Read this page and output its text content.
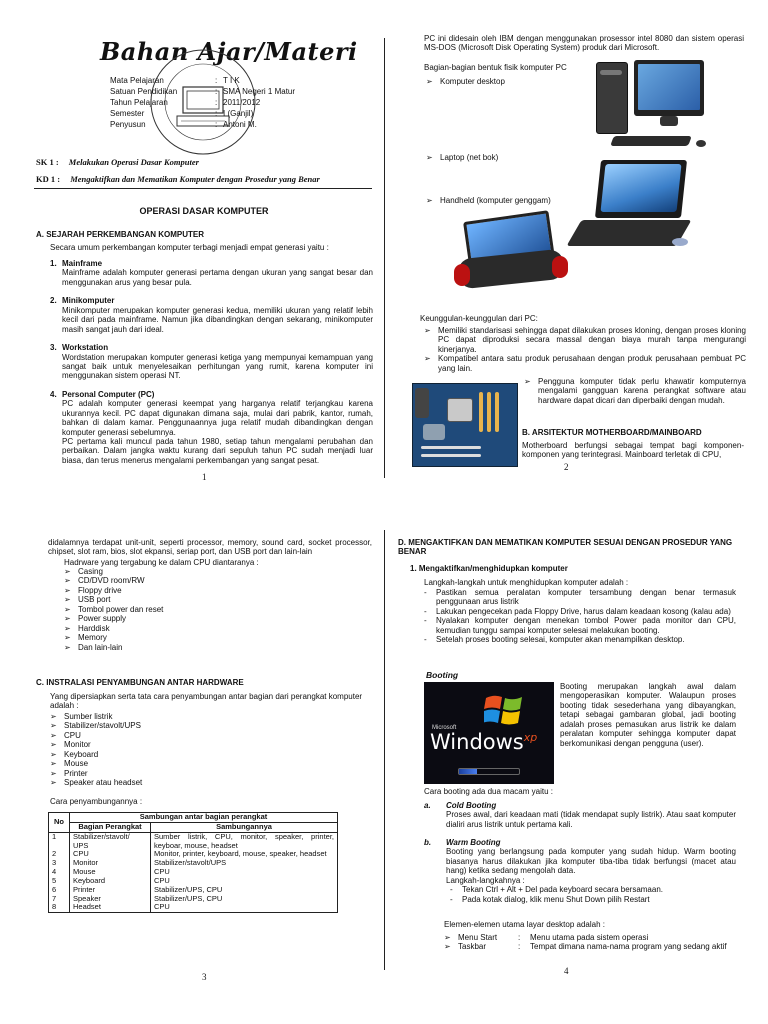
Bahan Ajar/Materi
Mata Pelajaran	: T I K
Satuan Pendidikan	: SMA Negeri 1 Matur
Tahun Pelajaran	: 2011/2012
Semester	: I (Ganjil)
Penyusun	: Antoni M.
SK 1 : Melakukan Operasi Dasar Komputer
KD 1 : Mengaktifkan dan Mematikan Komputer dengan Prosedur yang Benar
OPERASI DASAR KOMPUTER
A. SEJARAH PERKEMBANGAN KOMPUTER
Secara umum perkembangan komputer terbagi menjadi empat generasi yaitu :
1. Mainframe
Mainframe adalah komputer generasi pertama dengan ukuran yang sangat besar dan menggunakan arus yang besar pula.
2. Minikomputer
Minikomputer merupakan komputer generasi kedua, memiliki ukuran yang relatif lebih kecil dari pada mainframe. Namun jika dibandingkan dengan sekarang, minikomputer masih sangat jauh dari ideal.
3. Workstation
Wordstation merupakan komputer generasi ketiga yang mempunyai kemampuan yang sangat baik untuk menyelesaikan perhitungan yang rumit, karena komputer ini menggunakan sistem operasi NT.
4. Personal Computer (PC)
PC adalah komputer generasi keempat yang harganya relatif terjangkau karena ukurannya kecil. PC dapat digunakan dimana saja, mulai dari pabrik, kantor, rumah, bahkan di dalam kamar. Penggunaannya juga relatif mudah dibandingkan dengan komputer generasi sebelumnya.
PC pertama kali muncul pada tahun 1980, setiap tahun mengalami perubahan dan perbaikan. Dalam jangka waktu kurang dari sepuluh tahun PC sudah menjadi luar biasa, dan terus menerus mengalami perkembangan yang sangat pesat.
1
PC ini didesain oleh IBM dengan menggunakan prosessor intel 8080 dan sistem operasi MS-DOS (Microsoft Disk Operating System) produk dari Microsoft.
Bagian-bagian bentuk fisik komputer PC
➢ Komputer desktop
➢ Laptop (net bok)
➢ Handheld (komputer genggam)
Keunggulan-keunggulan dari PC:
➢ Memiliki standarisasi sehingga dapat dilakukan proses kloning, dengan proses kloning PC dapat diproduksi secara massal dengan biaya murah tanpa mengurangi kinerjanya.
➢ Kompatibel antara satu produk perusahaan dengan produk perusahaan pembuat PC yang lain.
➢ Pengguna komputer tidak perlu khawatir komputernya mengalami gangguan karena perangkat software atau hardware dapat dicari dan diperbaiki dengan mudah.
B. ARSITEKTUR MOTHERBOARD/MAINBOARD
Motherboard berfungsi sebagai tempat bagi komponen-komponen yang terintegrasi. Mainboard terletak di CPU,
2
didalamnya terdapat unit-unit, seperti processor, memory, sound card, socket processor, chipset, slot ram, bios, slot ekpansi, seriap port, dan USB port dan lain-lain
Hadrware yang tergabung ke dalam CPU diantaranya :
➢ Casing
➢ CD/DVD room/RW
➢ Floppy drive
➢ USB port
➢ Tombol power dan reset
➢ Power supply
➢ Harddisk
➢ Memory
➢ Dan lain-lain
C. INSTRALASI PENYAMBUNGAN ANTAR HARDWARE
Yang dipersiapkan serta tata cara penyambungan antar bagian dari perangkat komputer adalah :
➢ Sumber listrik
➢ Stabilizer/stavolt/UPS
➢ CPU
➢ Monitor
➢ Keyboard
➢ Mouse
➢ Printer
➢ Speaker atau headset
Cara penyambungannya :
No	Sambungan antar bagian perangkat	
	Bagian Perangkat	Sambungannya
1	Stabilizer/stavolt/ UPS	Sumber listrik, CPU, monitor, speaker, printer, keyboar, mouse, headset
2	CPU	Monitor, printer, keyboard, mouse, speaker, headset
3	Monitor	Stabilizer/stavolt/UPS
4	Mouse	CPU
5	Keyboard	CPU
6	Printer	Stabilizer/UPS, CPU
7	Speaker	Stabilizer/UPS, CPU
8	Headset	CPU
3
D. MENGAKTIFKAN DAN MEMATIKAN KOMPUTER SESUAI DENGAN PROSEDUR YANG BENAR
1. Mengaktifkan/menghidupkan komputer
Langkah-langkah untuk menghidupkan komputer adalah :
- Pastikan semua peralatan komputer tersambung dengan benar termasuk penggunaan arus listrik
- Lakukan pengecekan pada Floppy Drive, harus dalam keadaan kosong (kalau ada)
- Nyalakan komputer dengan menekan tombol Power pada monitor dan CPU, kemudian tunggu sampai komputer selesai melakukan booting.
- Setelah proses booting selesai, komputer akan menampilkan desktop.
Booting
Microsoft
Windows$^{xp}$
Booting merupakan langkah awal dalam mengoperasikan komputer. Walaupun proses booting tidak sesederhana yang dibayangkan, tetapi sebagai gambaran global, jadi booting adalah proses pemasukan arus listrik ke dalam peralatan komputer sehingga komputer dapat berkomunikasi dengan pengguna (user).
Cara booting ada dua macam yaitu :
a.	Cold Booting
Proses awal, dari keadaan mati (tidak mendapat suply listrik). Atau saat komputer dialiri arus listrik untuk pertama kali.
b.	Warm Booting
Booting yang berlangsung pada komputer yang sudah hidup. Warm booting biasanya harus dilakukan jika komputer tiba-tiba tidak berfungsi (macet atau hang) ketika sedang mengolah data.
Langkah-langkahnya :
- Tekan Ctrl + Alt + Del pada keyboard secara bersamaan.
- Pada kotak dialog, klik menu Shut Down pilih Restart
Elemen-elemen utama layar desktop adalah :
➢ Menu Start	:	Menu utama pada sistem operasi
➢ Taskbar	:	Tempat dimana nama-nama program yang sedang aktif
4
